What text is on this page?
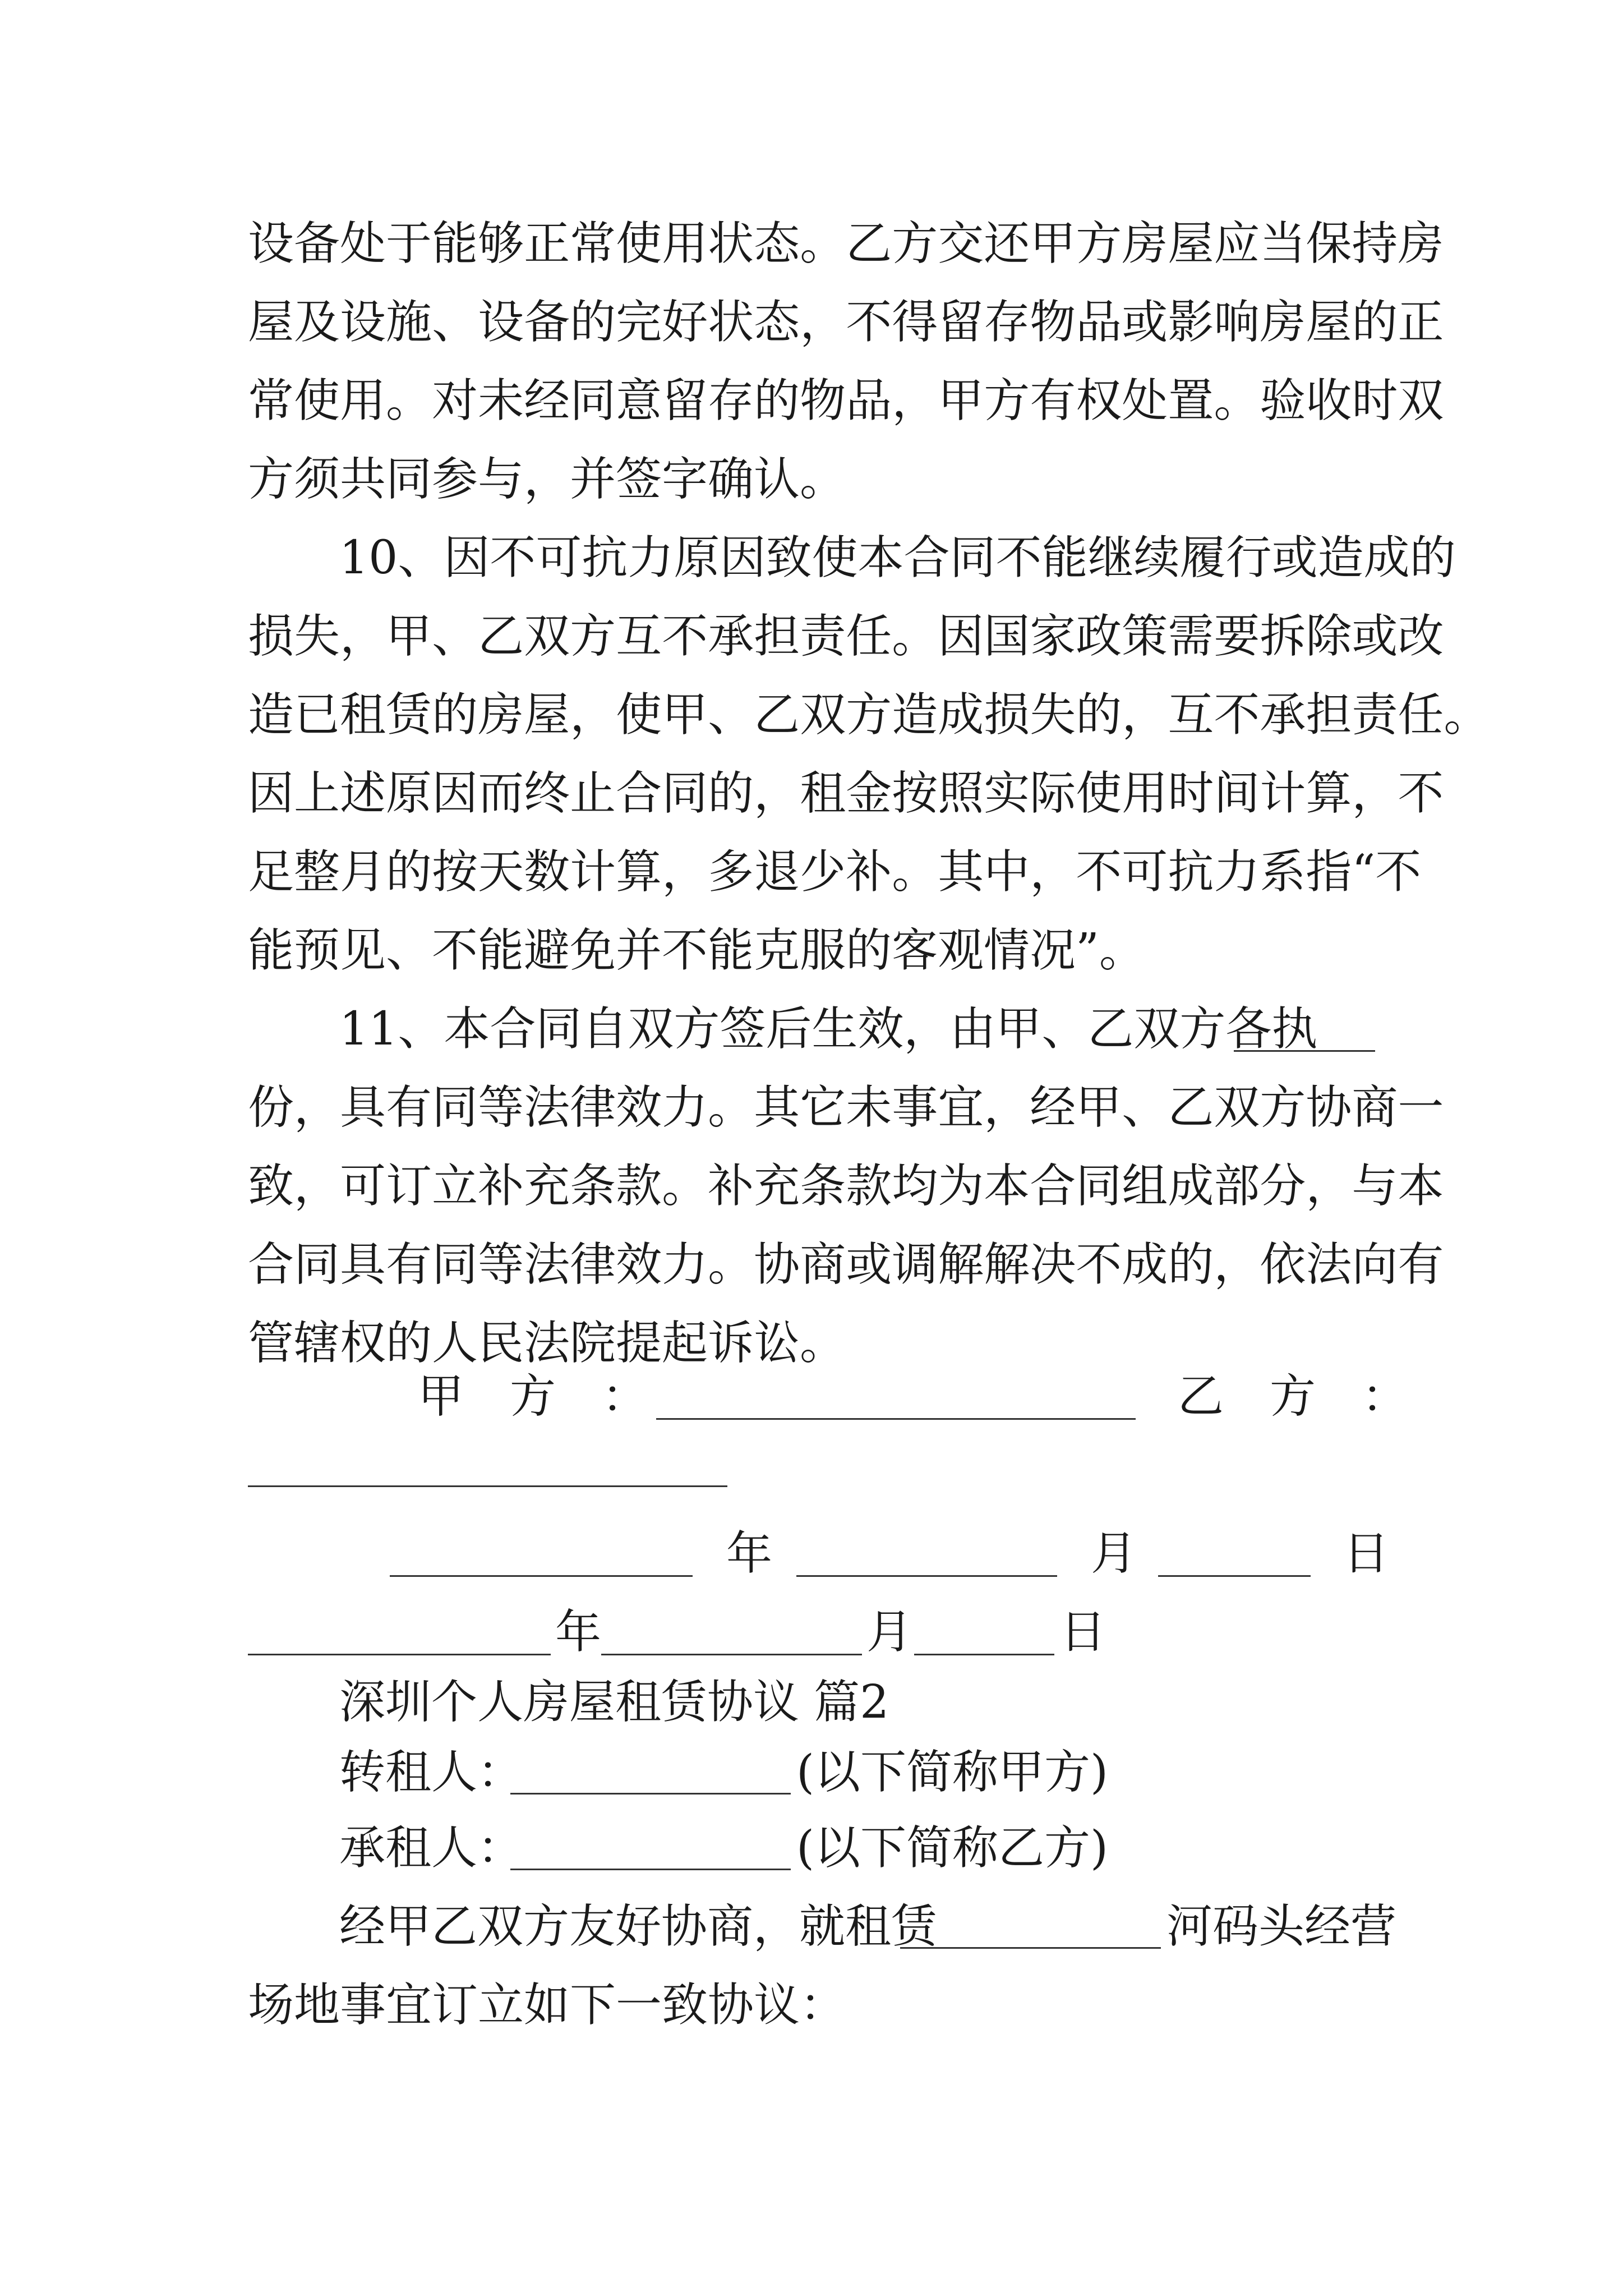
设 备 处 于 能 够 正 常 使 用 状 态 。 乙 方 交 还 甲 方 房 屋 应 当 保 持 房
屋 及 设 施 、 设 备 的 完 好 状 态 ， 不 得 留 存 物 品 或 影 响 房 屋 的 正
常 使 用 。 对 未 经 同 意 留 存 的 物 品 ， 甲 方 有 权 处 置 。 验 收 时 双
方须共同参与，并签字确认。
1 0 、 因 不 可 抗 力 原 因 致 使 本 合 同 不 能 继 续 履 行 或 造 成 的
损 失 ， 甲 、 乙 双 方 互 不 承 担 责 任 。 因 国 家 政 策 需 要 拆 除 或 改
造 已 租 赁 的 房 屋 ， 使 甲 、 乙 双 方 造 成 损 失 的 ， 互 不 承 担 责 任 。
因 上 述 原 因 而 终 止 合 同 的 ， 租 金 按 照 实 际 使 用 时 间 计 算 ， 不
足 整 月 的 按 天 数 计 算 ， 多 退 少 补 。 其 中 ， 不 可 抗 力 系 指 “ 不
能预见、不能避免并不能克服的客观情况”。
11、本合同自双方签后生效，由甲、乙双方各执
份 ， 具 有 同 等 法 律 效 力 。 其 它 未 事 宜 ， 经 甲 、 乙 双 方 协 商 一
致 ， 可 订 立 补 充 条 款 。 补 充 条 款 均 为 本 合 同 组 成 部 分 ， 与 本
合 同 具 有 同 等 法 律 效 力 。 协 商 或 调 解 解 决 不 成 的 ， 依 法 向 有
管辖权的人民法院提起诉讼。
甲　方　：	乙　方　：
年	月	日
年	月	日
深圳个人房屋租赁协议 篇2
转租人：	(以下简称甲方)
承租人：	(以下简称乙方)
经甲乙双方友好协商，就租赁	河码头经营
场地事宜订立如下一致协议：
